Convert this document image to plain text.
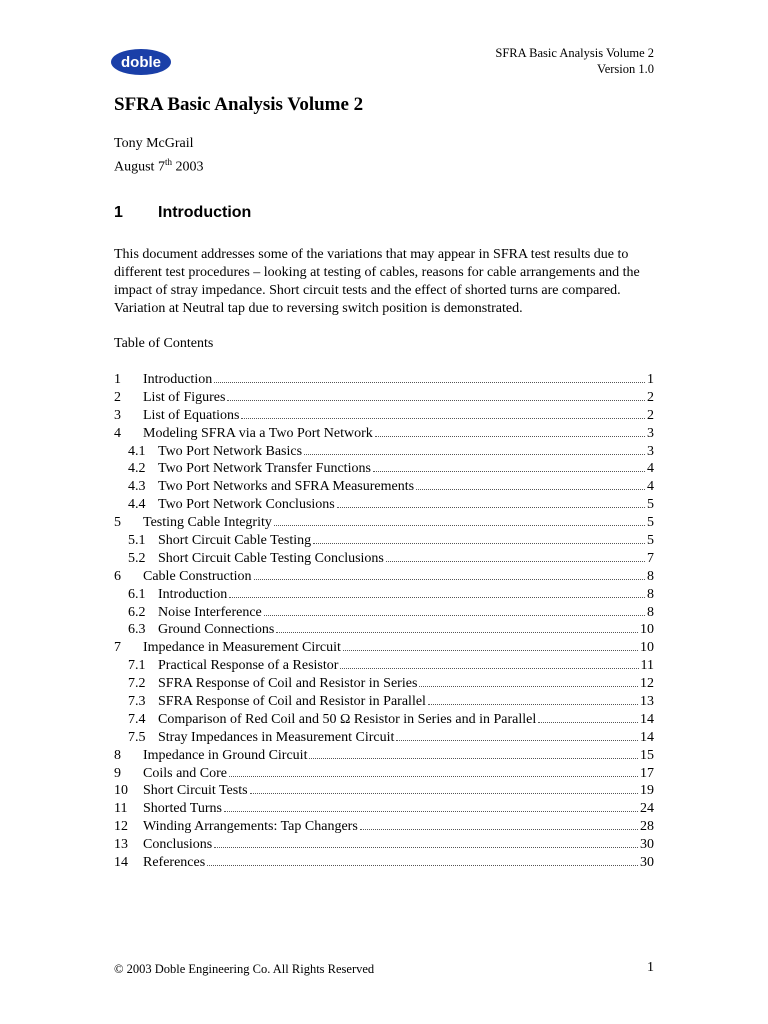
doble
SFRA Basic Analysis Volume 2
Version 1.0
SFRA Basic Analysis Volume 2
Tony McGrail
August 7th 2003
1 Introduction
This document addresses some of the variations that may appear in SFRA test results due to different test procedures – looking at testing of cables, reasons for cable arrangements and the impact of stray impedance. Short circuit tests and the effect of shorted turns are compared. Variation at Neutral tap due to reversing switch position is demonstrated.
Table of Contents
1	Introduction	1
2	List of Figures	2
3	List of Equations	2
4	Modeling SFRA via a Two Port Network	3
4.1 Two Port Network Basics	3
4.2 Two Port Network Transfer Functions	4
4.3 Two Port Networks and SFRA Measurements	4
4.4 Two Port Network Conclusions	5
5	Testing Cable Integrity	5
5.1 Short Circuit Cable Testing	5
5.2 Short Circuit Cable Testing Conclusions	7
6	Cable Construction	8
6.1 Introduction	8
6.2 Noise Interference	8
6.3 Ground Connections	10
7	Impedance in Measurement Circuit	10
7.1 Practical Response of a Resistor	11
7.2 SFRA Response of Coil and Resistor in Series	12
7.3 SFRA Response of Coil and Resistor in Parallel	13
7.4 Comparison of Red Coil and 50 Ω Resistor in Series and in Parallel	14
7.5 Stray Impedances in Measurement Circuit	14
8	Impedance in Ground Circuit	15
9	Coils and Core	17
10	Short Circuit Tests	19
11	Shorted Turns	24
12	Winding Arrangements: Tap Changers	28
13	Conclusions	30
14	References	30
© 2003 Doble Engineering Co. All Rights Reserved	1
